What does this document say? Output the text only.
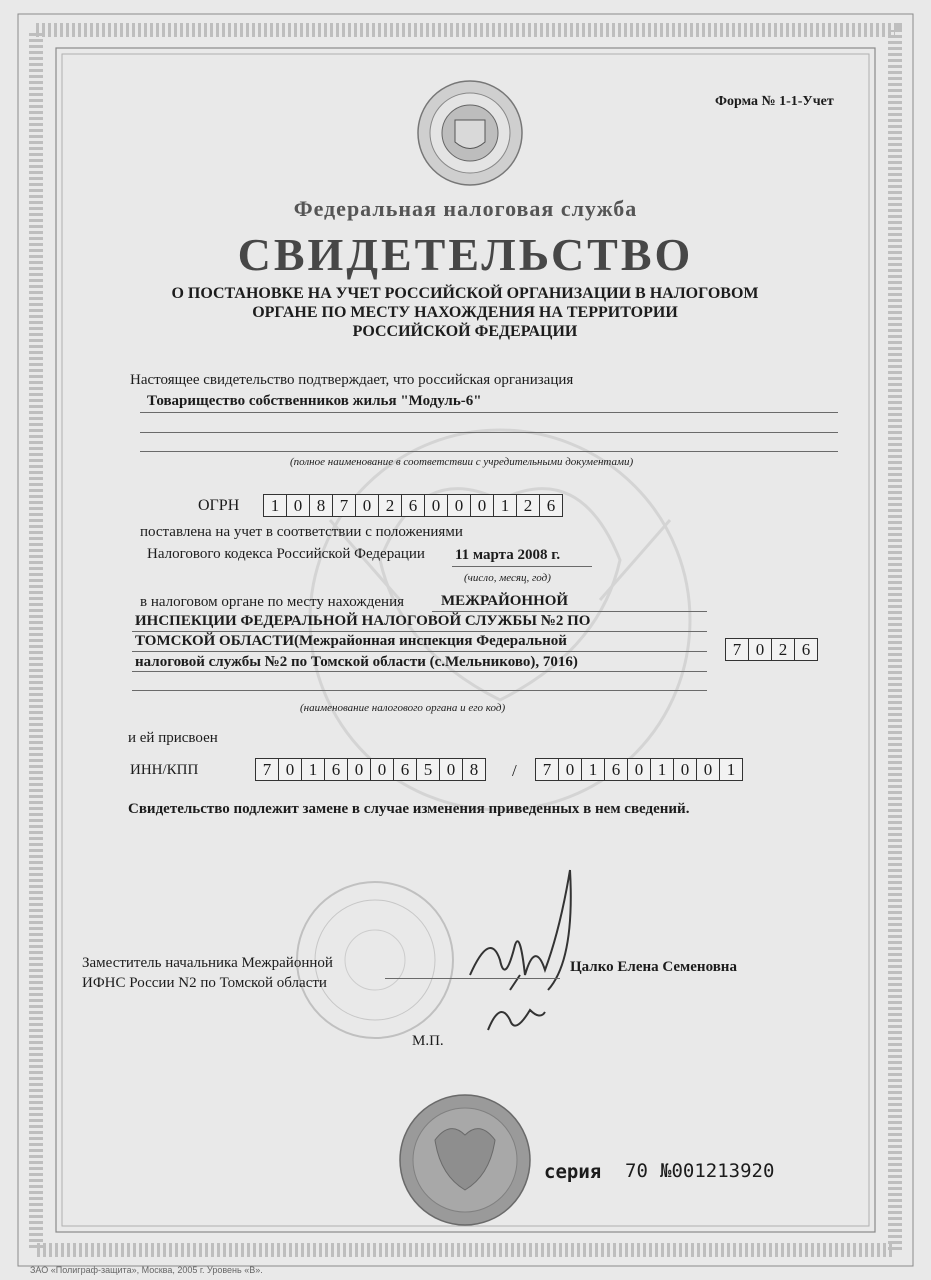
Форма № 1-1-Учет
Федеральная налоговая служба
СВИДЕТЕЛЬСТВО
О ПОСТАНОВКЕ НА УЧЕТ РОССИЙСКОЙ ОРГАНИЗАЦИИ В НАЛОГОВОМ
ОРГАНЕ ПО МЕСТУ НАХОЖДЕНИЯ НА ТЕРРИТОРИИ
РОССИЙСКОЙ ФЕДЕРАЦИИ
Настоящее свидетельство подтверждает, что российская организация
Товарищество собственников жилья "Модуль-6"
(полное наименование в соответствии с учредительными документами)
ОГРН	1 0 8 7 0 2 6 0 0 0 1 2 6
поставлена на учет в соответствии с положениями
Налогового кодекса Российской Федерации 11 марта 2008 г.
(число, месяц, год)
в налоговом органе по месту нахождения МЕЖРАЙОННОЙ
ИНСПЕКЦИИ ФЕДЕРАЛЬНОЙ НАЛОГОВОЙ СЛУЖБЫ №2 ПО
ТОМСКОЙ ОБЛАСТИ(Межрайонная инспекция Федеральной
налоговой службы №2 по Томской области (с.Мельниково), 7016)
7 0 2 6
(наименование налогового органа и его код)
и ей присвоен
ИНН/КПП	7 0 1 6 0 0 6 5 0 8	/	7 0 1 6 0 1 0 0 1
Свидетельство подлежит замене в случае изменения приведенных в нем сведений.
Заместитель начальника Межрайонной
ИФНС России N2 по Томской области
Цалко Елена Семеновна
М.П.
серия 70 №001213920
ЗАО «Полиграф-защита», Москва, 2005 г. Уровень «В».
